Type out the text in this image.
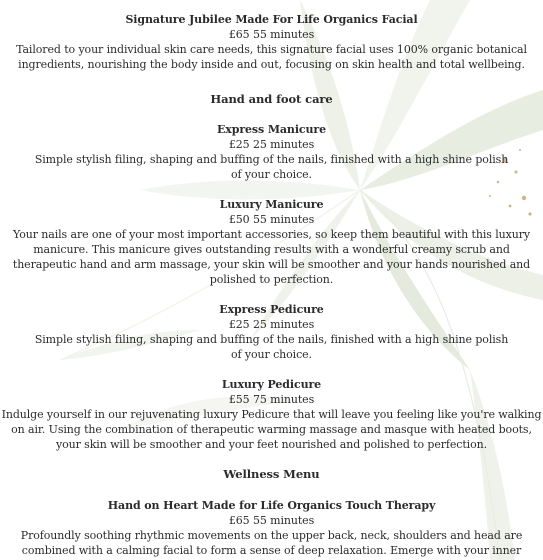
Signature Jubilee Made For Life Organics Facial
£65 55 minutes
Tailored to your individual skin care needs, this signature facial uses 100% organic botanical
ingredients, nourishing the body inside and out, focusing on skin health and total wellbeing.
Hand and foot care
Express Manicure
£25 25 minutes
Simple stylish filing, shaping and buffing of the nails, finished with a high shine polish
of your choice.
Luxury Manicure
£50 55 minutes
Your nails are one of your most important accessories, so keep them beautiful with this luxury
manicure. This manicure gives outstanding results with a wonderful creamy scrub and
therapeutic hand and arm massage, your skin will be smoother and your hands nourished and
polished to perfection.
Express Pedicure
£25 25 minutes
Simple stylish filing, shaping and buffing of the nails, finished with a high shine polish
of your choice.
Luxury Pedicure
£55 75 minutes
Indulge yourself in our rejuvenating luxury Pedicure that will leave you feeling like you're walking
on air. Using the combination of therapeutic warming massage and masque with heated boots,
your skin will be smoother and your feet nourished and polished to perfection.
Wellness Menu
Hand on Heart Made for Life Organics Touch Therapy
£65 55 minutes
Profoundly soothing rhythmic movements on the upper back, neck, shoulders and head are
combined with a calming facial to form a sense of deep relaxation. Emerge with your inner
